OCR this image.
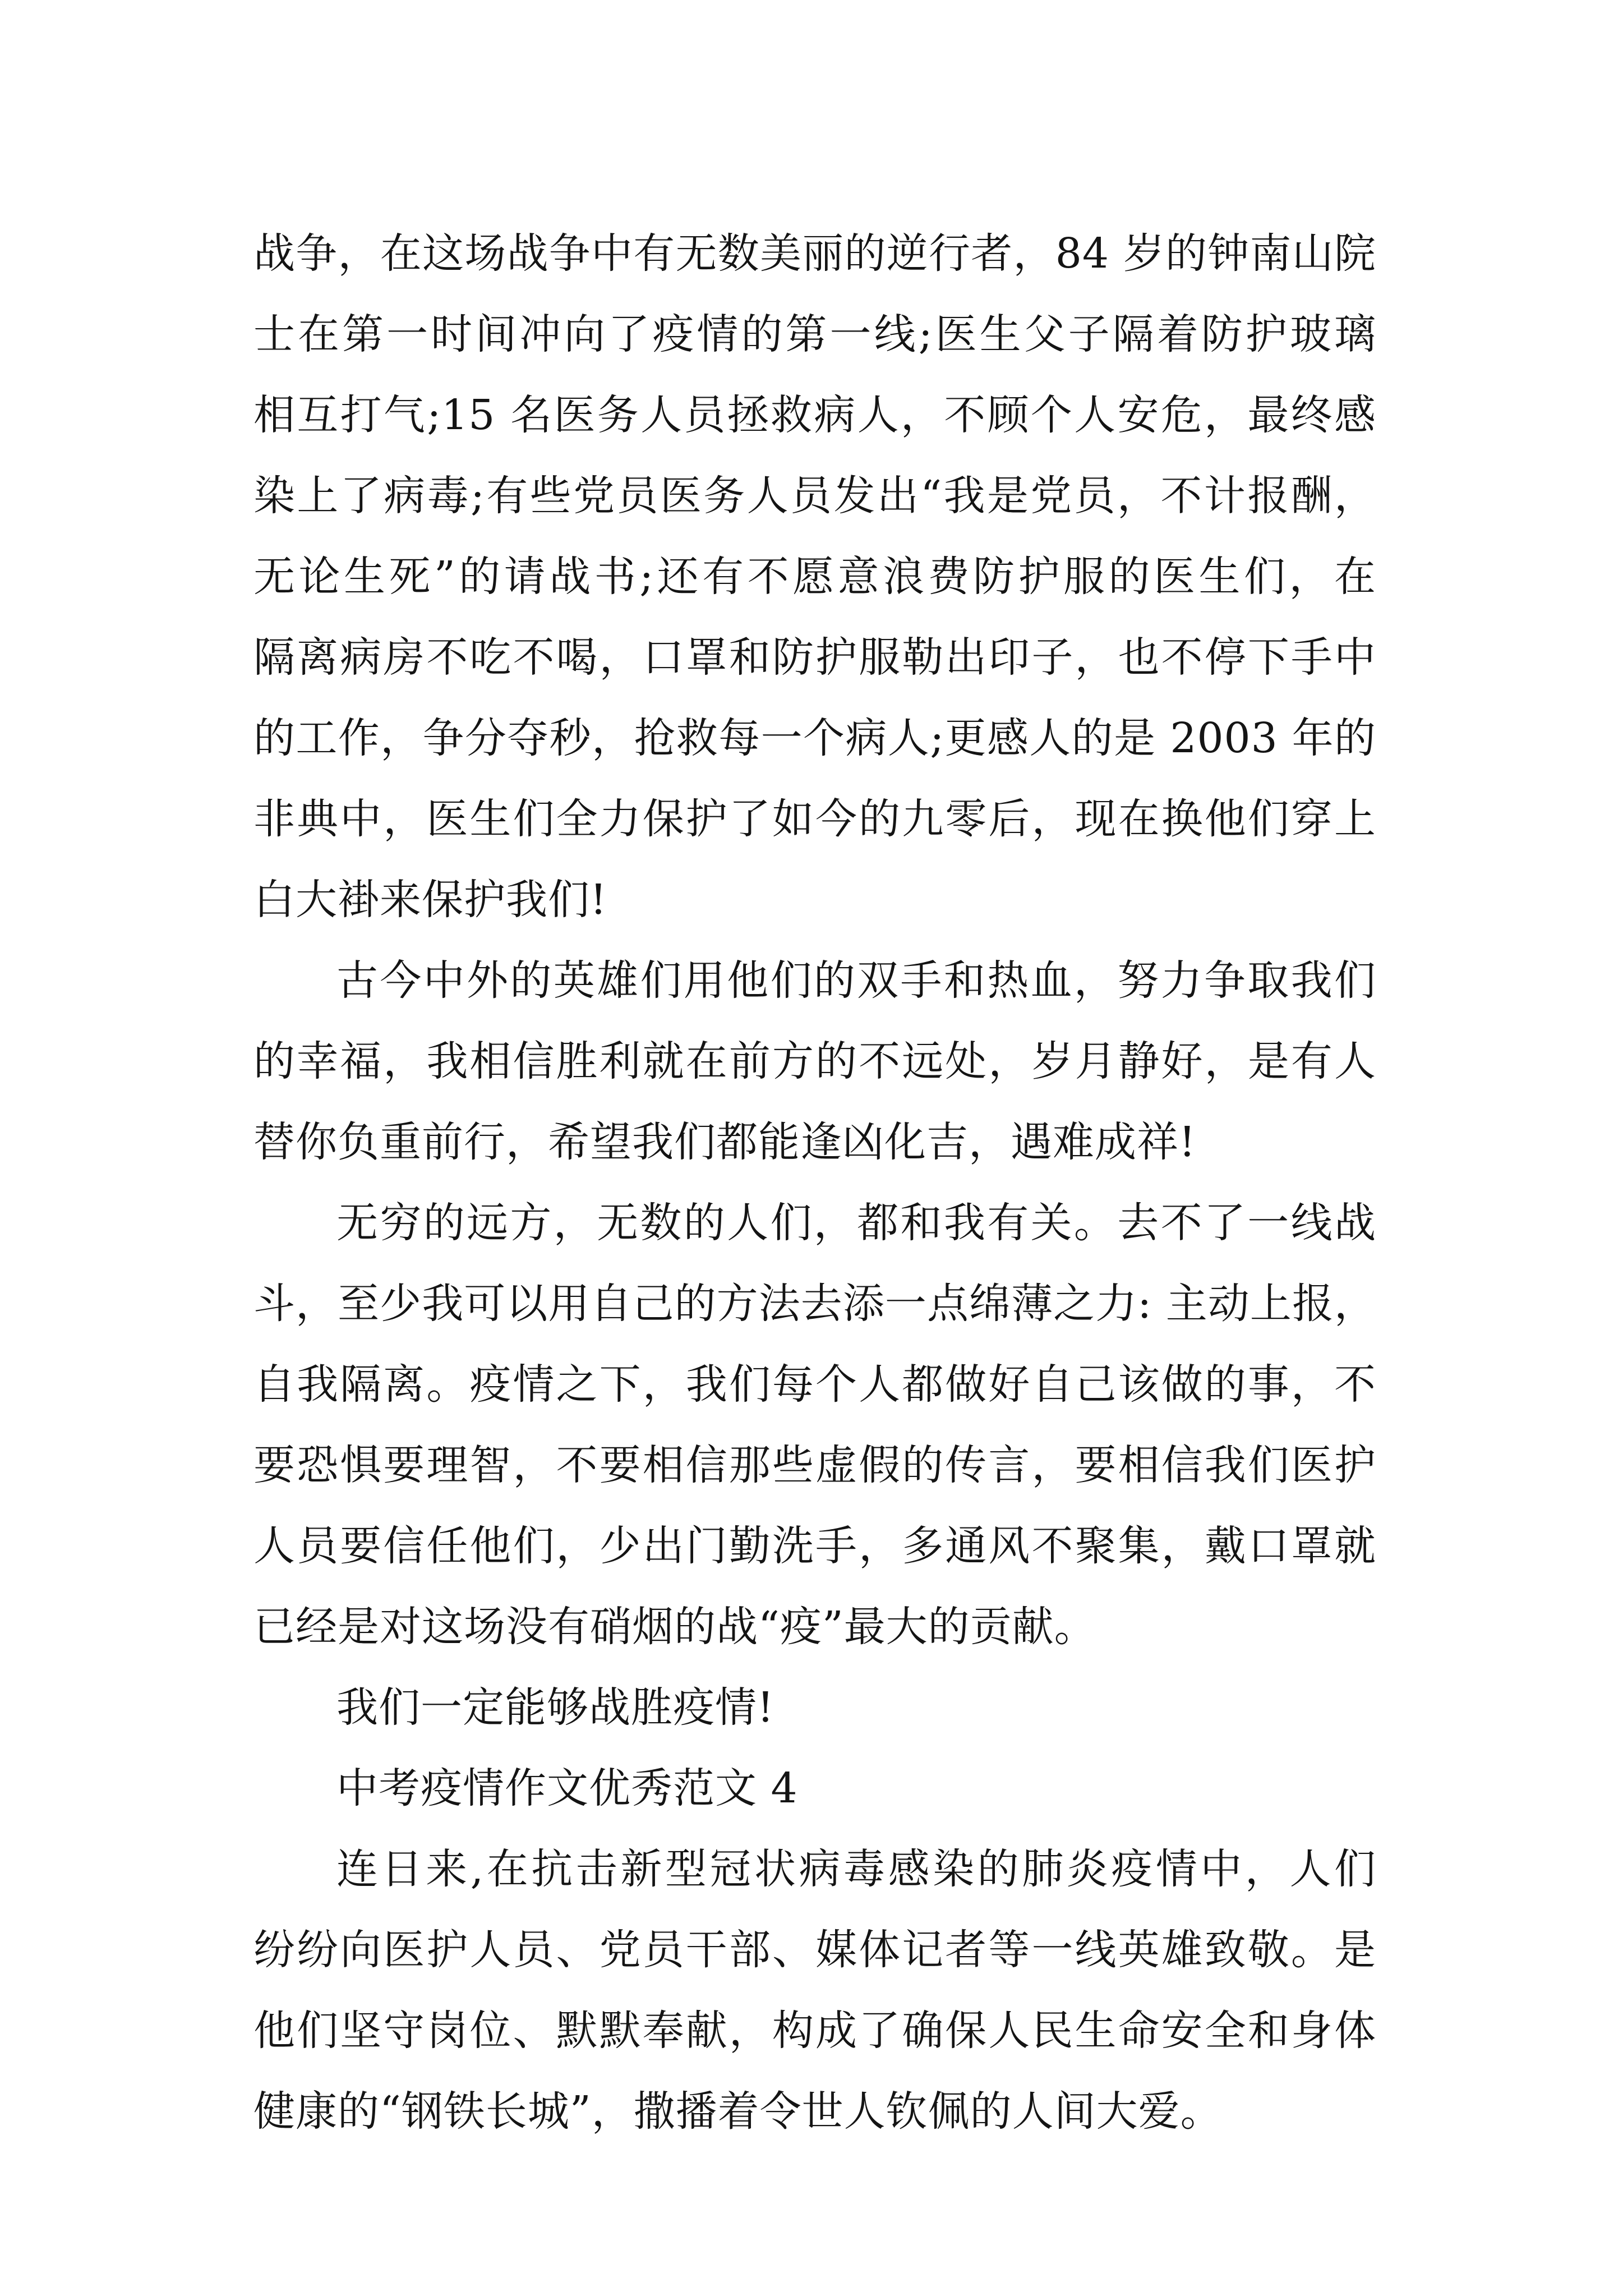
战争，在这场战争中有无数美丽的逆行者，84 岁的钟南山院
士在第一时间冲向了疫情的第一线;医生父子隔着防护玻璃
相互打气;15 名医务人员拯救病人，不顾个人安危，最终感
染上了病毒;有些党员医务人员发出“我是党员，不计报酬，
无论生死”的请战书;还有不愿意浪费防护服的医生们，在
隔离病房不吃不喝，口罩和防护服勒出印子，也不停下手中
的工作，争分夺秒，抢救每一个病人;更感人的是 2003 年的
非典中，医生们全力保护了如今的九零后，现在换他们穿上
白大褂来保护我们!
古今中外的英雄们用他们的双手和热血，努力争取我们
的幸福，我相信胜利就在前方的不远处，岁月静好，是有人
替你负重前行，希望我们都能逢凶化吉，遇难成祥!
无穷的远方，无数的人们，都和我有关。去不了一线战
斗，至少我可以用自己的方法去添一点绵薄之力: 主动上报，
自我隔离。疫情之下，我们每个人都做好自己该做的事，不
要恐惧要理智，不要相信那些虚假的传言，要相信我们医护
人员要信任他们，少出门勤洗手，多通风不聚集，戴口罩就
已经是对这场没有硝烟的战“疫”最大的贡献。
我们一定能够战胜疫情!
中考疫情作文优秀范文 4
连日来,在抗击新型冠状病毒感染的肺炎疫情中，人们
纷纷向医护人员、党员干部、媒体记者等一线英雄致敬。是
他们坚守岗位、默默奉献，构成了确保人民生命安全和身体
健康的“钢铁长城”，撒播着令世人钦佩的人间大爱。
